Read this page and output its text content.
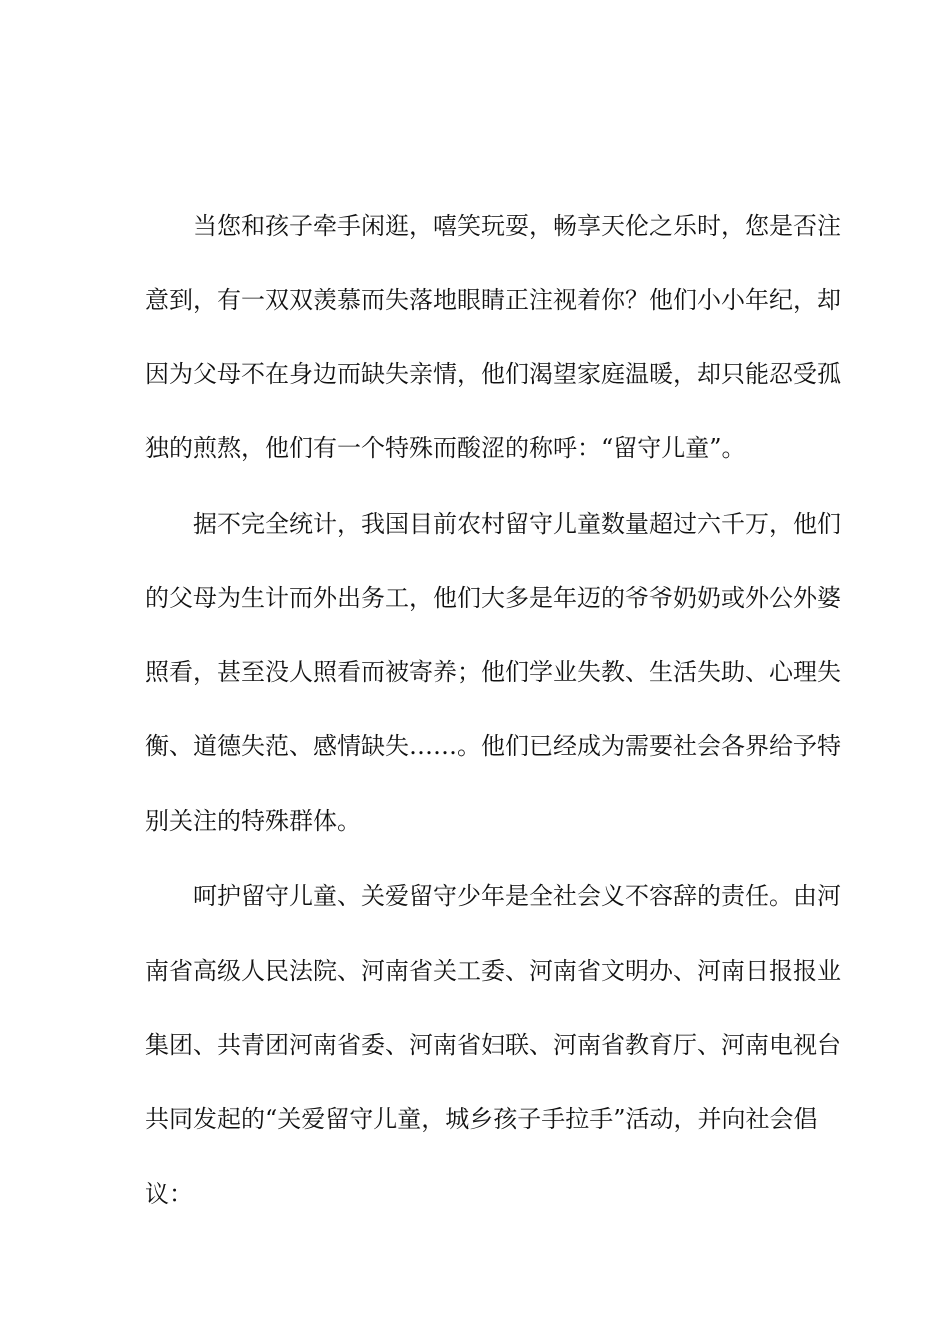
当您和孩子牵手闲逛，嘻笑玩耍，畅享天伦之乐时，您是否注
意到，有一双双羡慕而失落地眼睛正注视着你？他们小小年纪，却
因为父母不在身边而缺失亲情，他们渴望家庭温暖，却只能忍受孤
独的煎熬，他们有一个特殊而酸涩的称呼：“留守儿童”。
据不完全统计，我国目前农村留守儿童数量超过六千万，他们
的父母为生计而外出务工，他们大多是年迈的爷爷奶奶或外公外婆
照看，甚至没人照看而被寄养；他们学业失教、生活失助、心理失
衡、道德失范、感情缺失……。他们已经成为需要社会各界给予特
别关注的特殊群体。
呵护留守儿童、关爱留守少年是全社会义不容辞的责任。由河
南省高级人民法院、河南省关工委、河南省文明办、河南日报报业
集团、共青团河南省委、河南省妇联、河南省教育厅、河南电视台
共同发起的“关爱留守儿童，城乡孩子手拉手”活动，并向社会倡
议：
